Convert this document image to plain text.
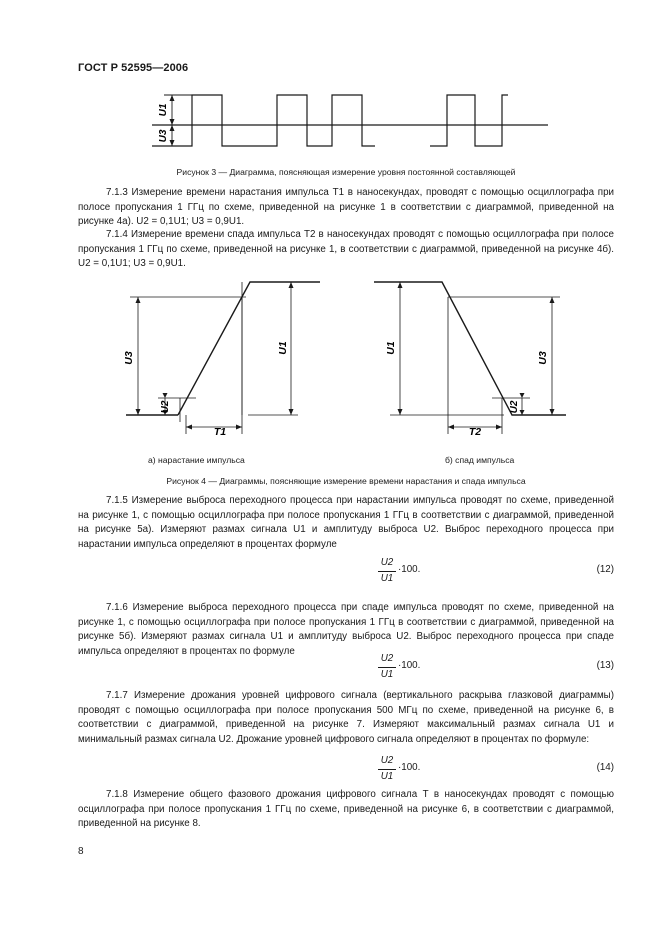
ГОСТ Р 52595—2006
U1
U3
Рисунок 3 — Диаграмма, поясняющая измерение уровня постоянной составляющей

7.1.3 Измерение времени нарастания импульса T1 в наносекундах, проводят с помощью осциллографа при полосе пропускания 1 ГГц по схеме, приведенной на рисунке 1 в соответствии с диаграммой, приведенной на рисунке 4а). U2 = 0,1U1; U3 = 0,9U1.

7.1.4 Измерение времени спада импульса T2 в наносекундах проводят с помощью осциллографа при полосе пропускания 1 ГГц по схеме, приведенной на рисунке 1, в соответствии с диаграммой, приведенной на рисунке 4б). U2 = 0,1U1; U3 = 0,9U1.

U3
U2
U1
T1
U1
U3
U2
T2
а) нарастание импульса	б) спад импульса
Рисунок 4 — Диаграммы, поясняющие измерение времени нарастания и спада импульса

7.1.5 Измерение выброса переходного процесса при нарастании импульса проводят по схеме, приведенной на рисунке 1, с помощью осциллографа при полосе пропускания 1 ГГц в соответствии с диаграммой, приведенной на рисунке 5а). Измеряют размах сигнала U1 и амплитуду выброса U2. Выброс переходного процесса при нарастании импульса определяют в процентах формуле

$\frac{U2}{U1} \cdot 100$.	(12)

7.1.6 Измерение выброса переходного процесса при спаде импульса проводят по схеме, приведенной на рисунке 1, с помощью осциллографа при полосе пропускания 1 ГГц в соответствии с диаграммой, приведенной на рисунке 5б). Измеряют размах сигнала U1 и амплитуду выброса U2. Выброс переходного процесса при спаде импульса определяют в процентах по формуле

$\frac{U2}{U1} \cdot 100$.	(13)

7.1.7 Измерение дрожания уровней цифрового сигнала (вертикального раскрыва глазковой диаграммы) проводят с помощью осциллографа при полосе пропускания 500 МГц по схеме, приведенной на рисунке 6, в соответствии с диаграммой, приведенной на рисунке 7. Измеряют максимальный размах сигнала U1 и минимальный размах сигнала U2. Дрожание уровней цифрового сигнала определяют в процентах по формуле:

$\frac{U2}{U1} \cdot 100$.	(14)

7.1.8 Измерение общего фазового дрожания цифрового сигнала T в наносекундах проводят с помощью осциллографа при полосе пропускания 1 ГГц по схеме, приведенной на рисунке 6, в соответствии с диаграммой, приведенной на рисунке 8.

8
